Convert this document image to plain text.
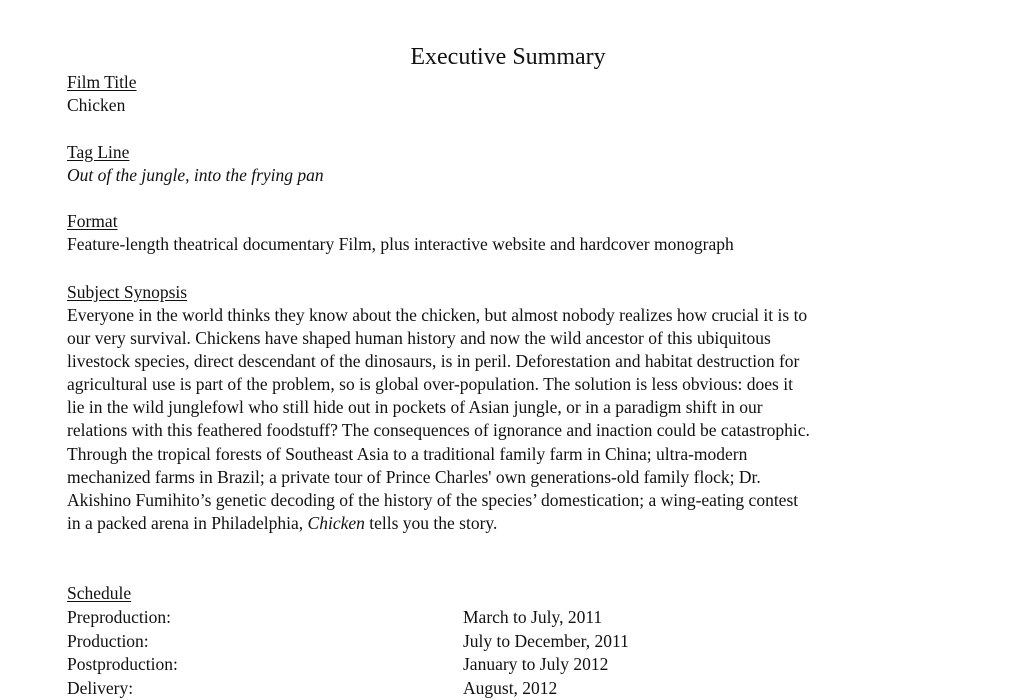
Executive Summary
Film Title
Chicken
Tag Line
Out of the jungle, into the frying pan
Format
Feature-length theatrical documentary Film, plus interactive website and hardcover monograph
Subject Synopsis
Everyone in the world thinks they know about the chicken, but almost nobody realizes how crucial it is to
our very survival. Chickens have shaped human history and now the wild ancestor of this ubiquitous
livestock species, direct descendant of the dinosaurs, is in peril. Deforestation and habitat destruction for
agricultural use is part of the problem, so is global over-population. The solution is less obvious: does it
lie in the wild junglefowl who still hide out in pockets of Asian jungle, or in a paradigm shift in our
relations with this feathered foodstuff? The consequences of ignorance and inaction could be catastrophic.
Through the tropical forests of Southeast Asia to a traditional family farm in China; ultra-modern
mechanized farms in Brazil; a private tour of Prince Charles' own generations-old family flock; Dr.
Akishino Fumihito’s genetic decoding of the history of the species’ domestication; a wing-eating contest
in a packed arena in Philadelphia, Chicken tells you the story.
Schedule
Preproduction:	March to July, 2011
Production:	July to December, 2011
Postproduction:	January to July 2012
Delivery:	August, 2012
